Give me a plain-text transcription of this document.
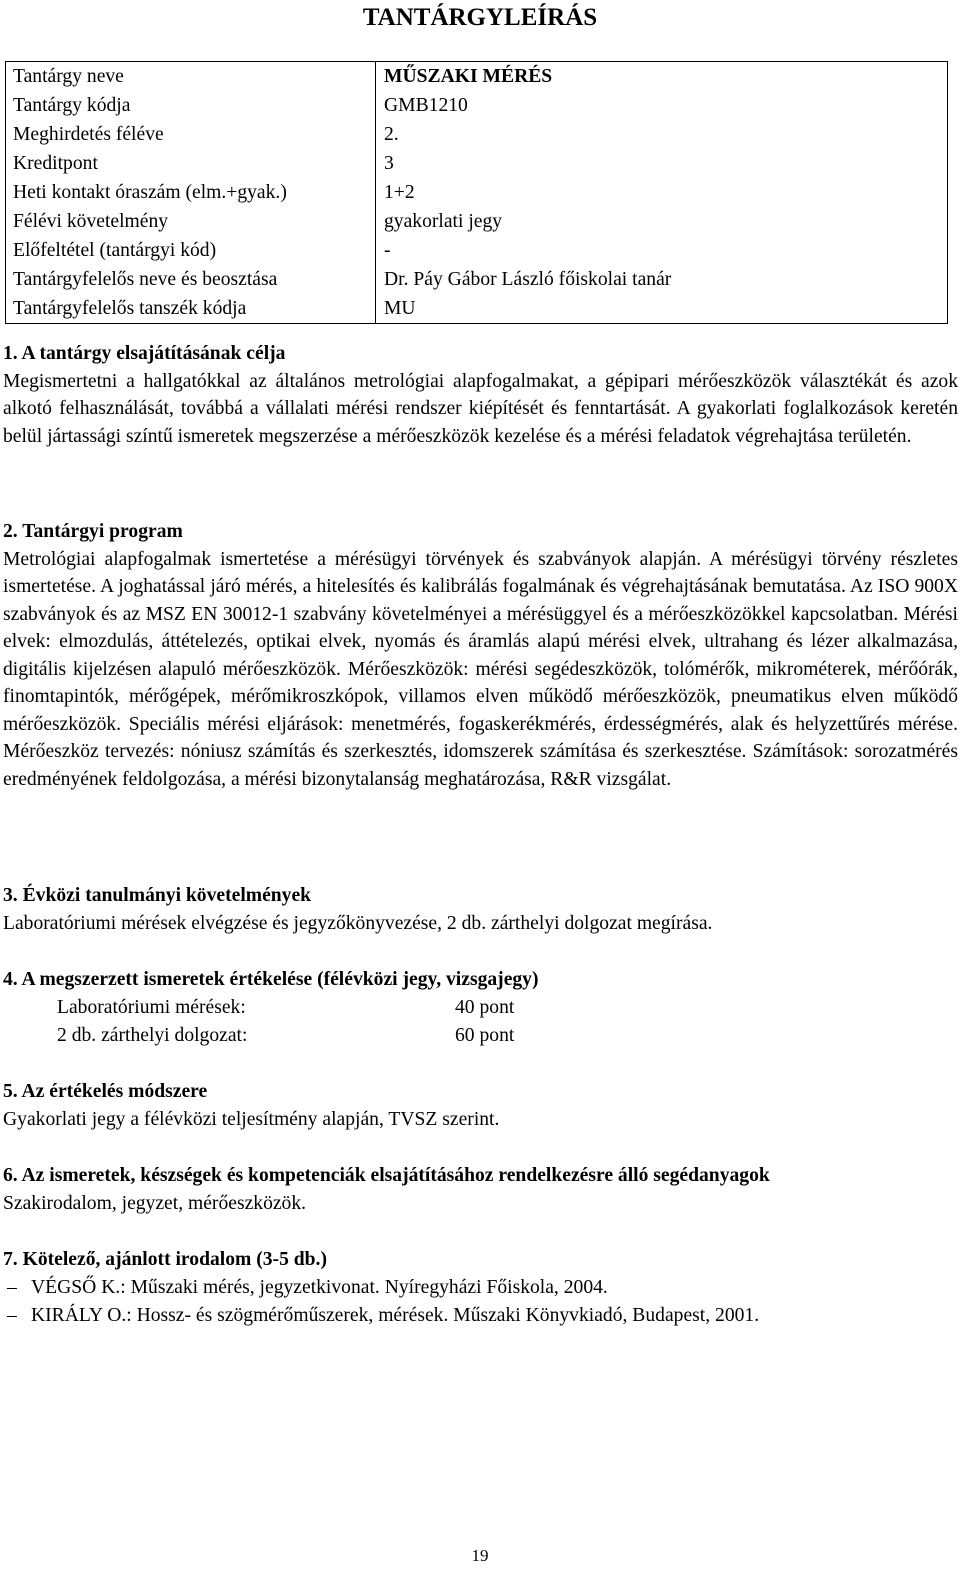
TANTÁRGYLEÍRÁS
Tantárgy neve	MŰSZAKI MÉRÉS
Tantárgy kódja	GMB1210
Meghirdetés féléve	2.
Kreditpont	3
Heti kontakt óraszám (elm.+gyak.)	1+2
Félévi követelmény	gyakorlati jegy
Előfeltétel (tantárgyi kód)	-
Tantárgyfelelős neve és beosztása	Dr. Páy Gábor László főiskolai tanár
Tantárgyfelelős tanszék kódja	MU
1. A tantárgy elsajátításának célja

Megismertetni a hallgatókkal az általános metrológiai alapfogalmakat, a gépipari mérőeszközök választékát és azok alkotó felhasználását, továbbá a vállalati mérési rendszer kiépítését és fenntartását. A gyakorlati foglalkozások keretén belül jártassági színtű ismeretek megszerzése a mérőeszközök kezelése és a mérési feladatok végrehajtása területén.

2. Tantárgyi program

Metrológiai alapfogalmak ismertetése a mérésügyi törvények és szabványok alapján. A mérésügyi törvény részletes ismertetése. A joghatással járó mérés, a hitelesítés és kalibrálás fogalmának és végrehajtásának bemutatása. Az ISO 900X szabványok és az MSZ EN 30012-1 szabvány követelményei a mérésüggyel és a mérőeszközökkel kapcsolatban. Mérési elvek: elmozdulás, áttételezés, optikai elvek, nyomás és áramlás alapú mérési elvek, ultrahang és lézer alkalmazása, digitális kijelzésen alapuló mérőeszközök. Mérőeszközök: mérési segédeszközök, tolómérők, mikrométerek, mérőórák, finomtapintók, mérőgépek, mérőmikroszkópok, villamos elven működő mérőeszközök, pneumatikus elven működő mérőeszközök. Speciális mérési eljárások: menetmérés, fogaskerékmérés, érdességmérés, alak és helyzettűrés mérése. Mérőeszköz tervezés: nóniusz számítás és szerkesztés, idomszerek számítása és szerkesztése. Számítások: sorozatmérés eredményének feldolgozása, a mérési bizonytalanság meghatározása, R&R vizsgálat.

3. Évközi tanulmányi követelmények

Laboratóriumi mérések elvégzése és jegyzőkönyvezése, 2 db. zárthelyi dolgozat megírása.

4. A megszerzett ismeretek értékelése (félévközi jegy, vizsgajegy)
Laboratóriumi mérések:	40 pont
2 db. zárthelyi dolgozat:	60 pont
5. Az értékelés módszere

Gyakorlati jegy a félévközi teljesítmény alapján, TVSZ szerint.

6. Az ismeretek, készségek és kompetenciák elsajátításához rendelkezésre álló segédanyagok

Szakirodalom, jegyzet, mérőeszközök.

7. Kötelező, ajánlott irodalom (3-5 db.)
– VÉGSŐ K.: Műszaki mérés, jegyzetkivonat. Nyíregyházi Főiskola, 2004.
– KIRÁLY O.: Hossz- és szögmérőműszerek, mérések. Műszaki Könyvkiadó, Budapest, 2001.
19
